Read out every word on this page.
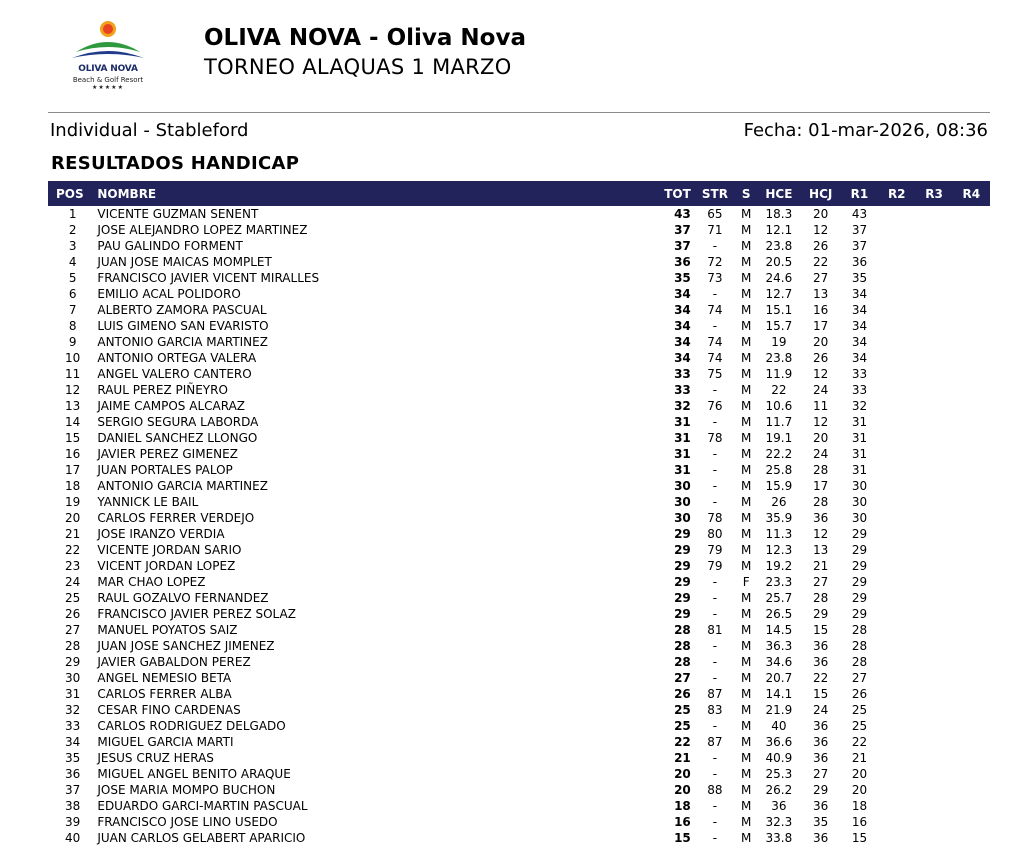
OLIVA NOVA
Beach & Golf Resort
★★★★★
OLIVA NOVA - Oliva Nova
TORNEO ALAQUAS 1 MARZO
Individual - Stableford	Fecha: 01-mar-2026, 08:36
RESULTADOS HANDICAP
POS	NOMBRE	TOT	STR	S	HCE	HCJ	R1	R2	R3	R4
1	VICENTE GUZMAN SENENT	43	65	M	18.3	20	43			
2	JOSE ALEJANDRO LOPEZ MARTINEZ	37	71	M	12.1	12	37			
3	PAU GALINDO FORMENT	37	-	M	23.8	26	37			
4	JUAN JOSE MAICAS MOMPLET	36	72	M	20.5	22	36			
5	FRANCISCO JAVIER VICENT MIRALLES	35	73	M	24.6	27	35			
6	EMILIO ACAL POLIDORO	34	-	M	12.7	13	34			
7	ALBERTO ZAMORA PASCUAL	34	74	M	15.1	16	34			
8	LUIS GIMENO SAN EVARISTO	34	-	M	15.7	17	34			
9	ANTONIO GARCIA MARTINEZ	34	74	M	19	20	34			
10	ANTONIO ORTEGA VALERA	34	74	M	23.8	26	34			
11	ANGEL VALERO CANTERO	33	75	M	11.9	12	33			
12	RAUL PEREZ PIÑEYRO	33	-	M	22	24	33			
13	JAIME CAMPOS ALCARAZ	32	76	M	10.6	11	32			
14	SERGIO SEGURA LABORDA	31	-	M	11.7	12	31			
15	DANIEL SANCHEZ LLONGO	31	78	M	19.1	20	31			
16	JAVIER PEREZ GIMENEZ	31	-	M	22.2	24	31			
17	JUAN PORTALES PALOP	31	-	M	25.8	28	31			
18	ANTONIO GARCIA MARTINEZ	30	-	M	15.9	17	30			
19	YANNICK LE BAIL	30	-	M	26	28	30			
20	CARLOS FERRER VERDEJO	30	78	M	35.9	36	30			
21	JOSE IRANZO VERDIA	29	80	M	11.3	12	29			
22	VICENTE JORDAN SARIO	29	79	M	12.3	13	29			
23	VICENT JORDAN LOPEZ	29	79	M	19.2	21	29			
24	MAR CHAO LOPEZ	29	-	F	23.3	27	29			
25	RAUL GOZALVO FERNANDEZ	29	-	M	25.7	28	29			
26	FRANCISCO JAVIER PEREZ SOLAZ	29	-	M	26.5	29	29			
27	MANUEL POYATOS SAIZ	28	81	M	14.5	15	28			
28	JUAN JOSE SANCHEZ JIMENEZ	28	-	M	36.3	36	28			
29	JAVIER GABALDON PEREZ	28	-	M	34.6	36	28			
30	ANGEL NEMESIO BETA	27	-	M	20.7	22	27			
31	CARLOS FERRER ALBA	26	87	M	14.1	15	26			
32	CESAR FINO CARDENAS	25	83	M	21.9	24	25			
33	CARLOS RODRIGUEZ DELGADO	25	-	M	40	36	25			
34	MIGUEL GARCIA MARTI	22	87	M	36.6	36	22			
35	JESUS CRUZ HERAS	21	-	M	40.9	36	21			
36	MIGUEL ANGEL BENITO ARAQUE	20	-	M	25.3	27	20			
37	JOSE MARIA MOMPO BUCHON	20	88	M	26.2	29	20			
38	EDUARDO GARCI-MARTIN PASCUAL	18	-	M	36	36	18			
39	FRANCISCO JOSE LINO USEDO	16	-	M	32.3	35	16			
40	JUAN CARLOS GELABERT APARICIO	15	-	M	33.8	36	15			
